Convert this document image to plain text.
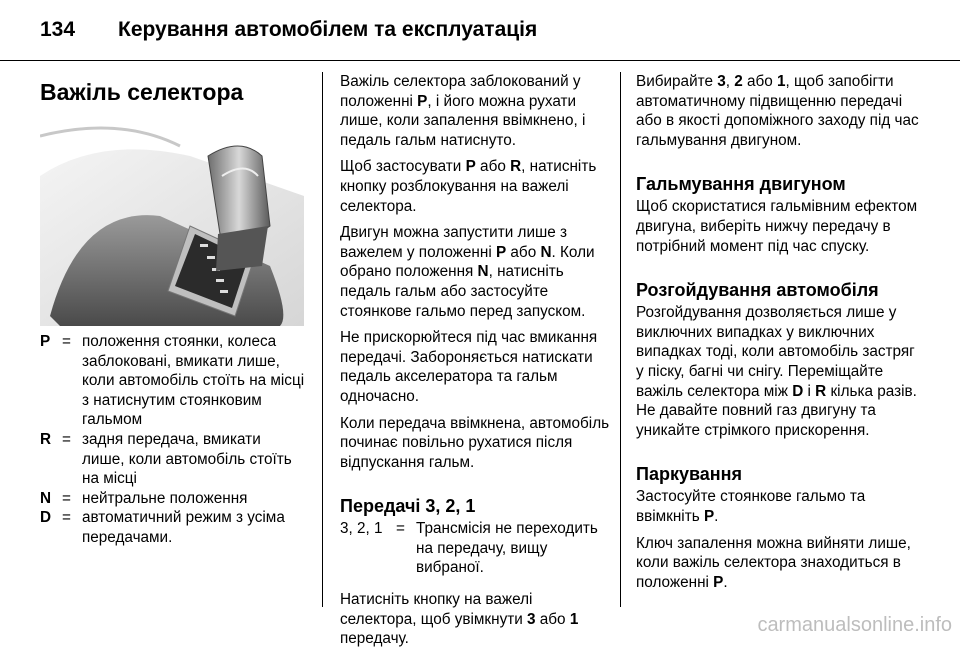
134 Керування автомобілем та експлуатація
Важіль селектора
P	=	положення стоянки, колеса заблоковані, вмикати лише, коли автомобіль стоїть на місці з натиснутим стоянковим гальмом
R	=	задня передача, вмикати лише, коли автомобіль стоїть на місці
N	=	нейтральне положення
D	=	автоматичний режим з усіма передачами.

Важіль селектора заблокований у положенні P, і його можна рухати лише, коли запалення ввімкнено, і педаль гальм натиснуто.

Щоб застосувати P або R, натисніть кнопку розблокування на важелі селектора.

Двигун можна запустити лише з важелем у положенні P або N. Коли обрано положення N, натисніть педаль гальм або застосуйте стоянкове гальмо перед запуском.

Не прискорюйтеся під час вмикання передачі. Забороняється натискати педаль акселератора та гальм одночасно.

Коли передача ввімкнена, автомобіль починає повільно рухатися після відпускання гальм.

Передачі 3, 2, 1
3, 2, 1	=	Трансмісія не переходить на передачу, вищу вибраної.

Натисніть кнопку на важелі селектора, щоб увімкнути 3 або 1 передачу.

Вибирайте 3, 2 або 1, щоб запобігти автоматичному підвищенню передачі або в якості допоміжного заходу під час гальмування двигуном.

Гальмування двигуном

Щоб скористатися гальмівним ефектом двигуна, виберіть нижчу передачу в потрібний момент під час спуску.

Розгойдування автомобіля

Розгойдування дозволяється лише у виключних випадках у виключних випадках тоді, коли автомобіль застряг у піску, багні чи снігу. Переміщайте важіль селектора між D і R кілька разів. Не давайте повний газ двигуну та уникайте стрімкого прискорення.

Паркування

Застосуйте стоянкове гальмо та ввімкніть P.

Ключ запалення можна вийняти лише, коли важіль селектора знаходиться в положенні P.

carmanualsonline.info
